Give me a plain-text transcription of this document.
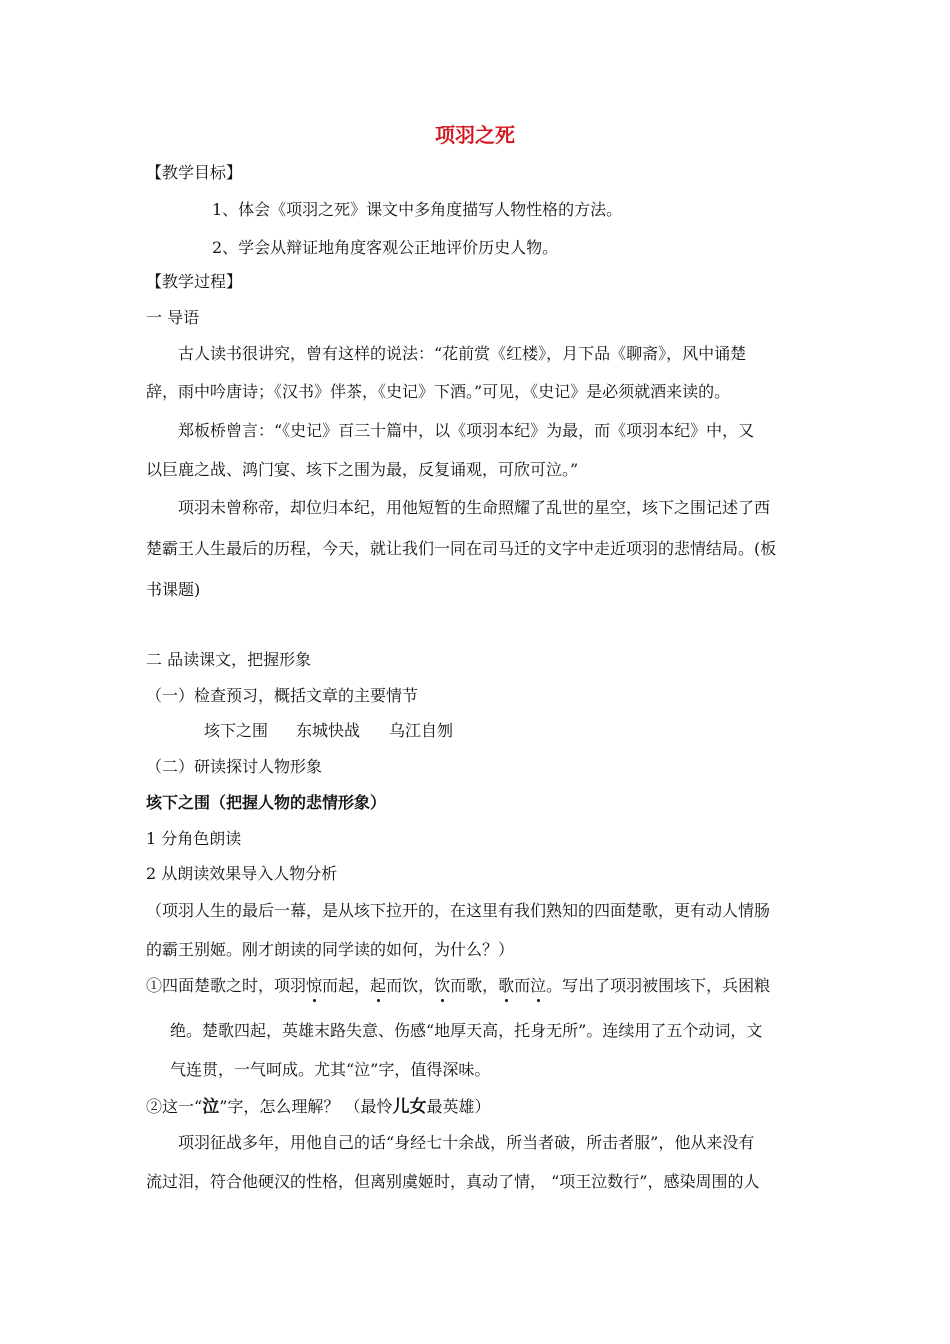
项羽之死
【教学目标】
1、体会《项羽之死》课文中多角度描写人物性格的方法。
2、学会从辩证地角度客观公正地评价历史人物。
【教学过程】
一 导语
古人读书很讲究，曾有这样的说法：“花前赏《红楼》，月下品《聊斋》，风中诵楚
辞，雨中吟唐诗；《汉书》伴茶，《史记》下酒。”可见，《史记》是必须就酒来读的。
郑板桥曾言：“《史记》百三十篇中，以《项羽本纪》为最，而《项羽本纪》中，又
以巨鹿之战、鸿门宴、垓下之围为最，反复诵观，可欣可泣。”
项羽未曾称帝，却位归本纪，用他短暂的生命照耀了乱世的星空，垓下之围记述了西
楚霸王人生最后的历程，今天，就让我们一同在司马迁的文字中走近项羽的悲情结局。(板
书课题)
二 品读课文，把握形象
（一）检查预习，概括文章的主要情节
垓下之围 东城快战 乌江自刎
（二）研读探讨人物形象
垓下之围（把握人物的悲情形象）
1 分角色朗读
2 从朗读效果导入人物分析
（项羽人生的最后一幕，是从垓下拉开的，在这里有我们熟知的四面楚歌，更有动人情肠
的霸王别姬。刚才朗读的同学读的如何，为什么？）
①四面楚歌之时，项羽惊而起，起而饮，饮而歌，歌而泣。写出了项羽被围垓下，兵困粮
绝。楚歌四起，英雄末路失意、伤感“地厚天高，托身无所”。连续用了五个动词，文
气连贯，一气呵成。尤其“泣”字，值得深味。
②这一“泣”字，怎么理解？ （最怜儿女最英雄）
项羽征战多年，用他自己的话“身经七十余战，所当者破，所击者服”，他从来没有
流过泪，符合他硬汉的性格，但离别虞姬时，真动了情， “项王泣数行”，感染周围的人
